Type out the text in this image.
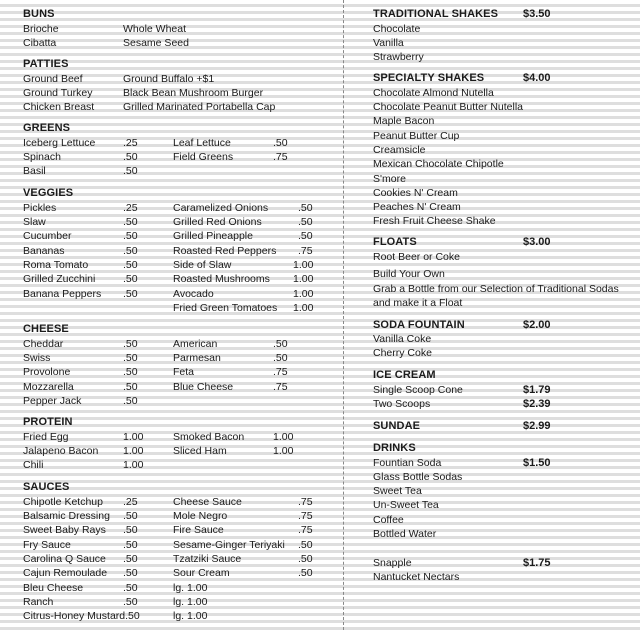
BUNS
Brioche	Whole Wheat
Cibatta	Sesame Seed
PATTIES
Ground Beef	Ground Buffalo +$1
Ground Turkey	Black Bean Mushroom Burger
Chicken Breast	Grilled Marinated Portabella Cap
GREENS
Iceberg Lettuce	.25	Leaf Lettuce	.50
Spinach	.50	Field Greens	.75
Basil	.50
VEGGIES
Pickles	.25	Caramelized Onions	.50
Slaw	.50	Grilled Red Onions	.50
Cucumber	.50	Grilled Pineapple	.50
Bananas	.50	Roasted Red Peppers .75
Roma Tomato	.50	Side of Slaw	1.00
Grilled Zucchini	.50	Roasted Mushrooms 1.00
Banana Peppers .50	Avocado	1.00
Fried Green Tomatoes 1.00
CHEESE
Cheddar	.50	American	.50
Swiss	.50	Parmesan	.50
Provolone	.50	Feta	.75
Mozzarella	.50	Blue Cheese	.75
Pepper Jack	.50
PROTEIN
Fried Egg	1.00	Smoked Bacon	1.00
Jalapeno Bacon 1.00	Sliced Ham	1.00
Chili	1.00
SAUCES
Chipotle Ketchup .25	Cheese Sauce	.75
Balsamic Dressing .50	Mole Negro	.75
Sweet Baby Rays .50	Fire Sauce	.75
Fry Sauce	.50	Sesame-Ginger Teriyaki .50
Carolina Q Sauce .50	Tzatziki Sauce	.50
Cajun Remoulade .50	Sour Cream	.50
Bleu Cheese	.50	lg. 1.00
Ranch	.50	lg. 1.00
Citrus-Honey Mustard.50	lg. 1.00
TRADITIONAL SHAKES $3.50
Chocolate
Vanilla
Strawberry
SPECIALTY SHAKES	$4.00
Chocolate Almond Nutella
Chocolate Peanut Butter Nutella
Maple Bacon
Peanut Butter Cup
Creamsicle
Mexican Chocolate Chipotle
S'more
Cookies N' Cream
Peaches N' Cream
Fresh Fruit Cheese Shake
FLOATS	$3.00
Root Beer or Coke
Build Your Own
Grab a Bottle from our Selection of Traditional Sodas
and make it a Float
SODA FOUNTAIN	$2.00
Vanilla Coke
Cherry Coke
ICE CREAM
Single Scoop Cone	$1.79
Two Scoops	$2.39
SUNDAE	$2.99
DRINKS
Fountian Soda	$1.50
Glass Bottle Sodas
Sweet Tea
Un-Sweet Tea
Coffee
Bottled Water
Snapple	$1.75
Nantucket Nectars
